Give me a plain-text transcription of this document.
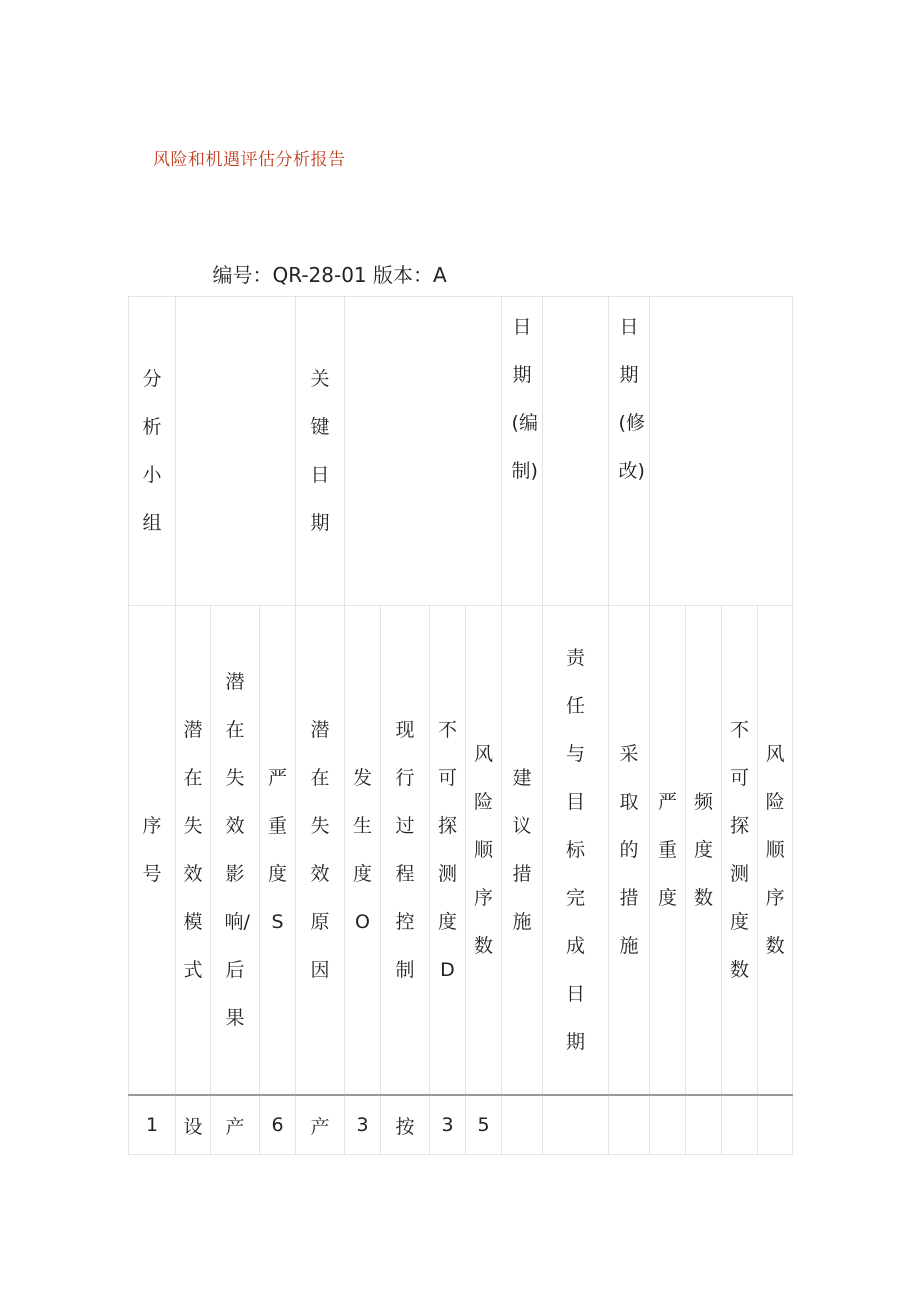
风险和机遇评估分析报告
编号：QR-28-01 版本：A															
分析小组				关键日期					日期(编制)		日期(修改)				
序号	潜在失效模式	潜在失效影响/后果	严重度S	潜在失效原因	发生度O	现行过程控制	不可探测度D	风险顺序数	建议措施	责任与目标完成日期	采取的措施	严重度	频度数	不可探测度数	风险顺序数
1	设	产	6	产	3	按	3	5							
